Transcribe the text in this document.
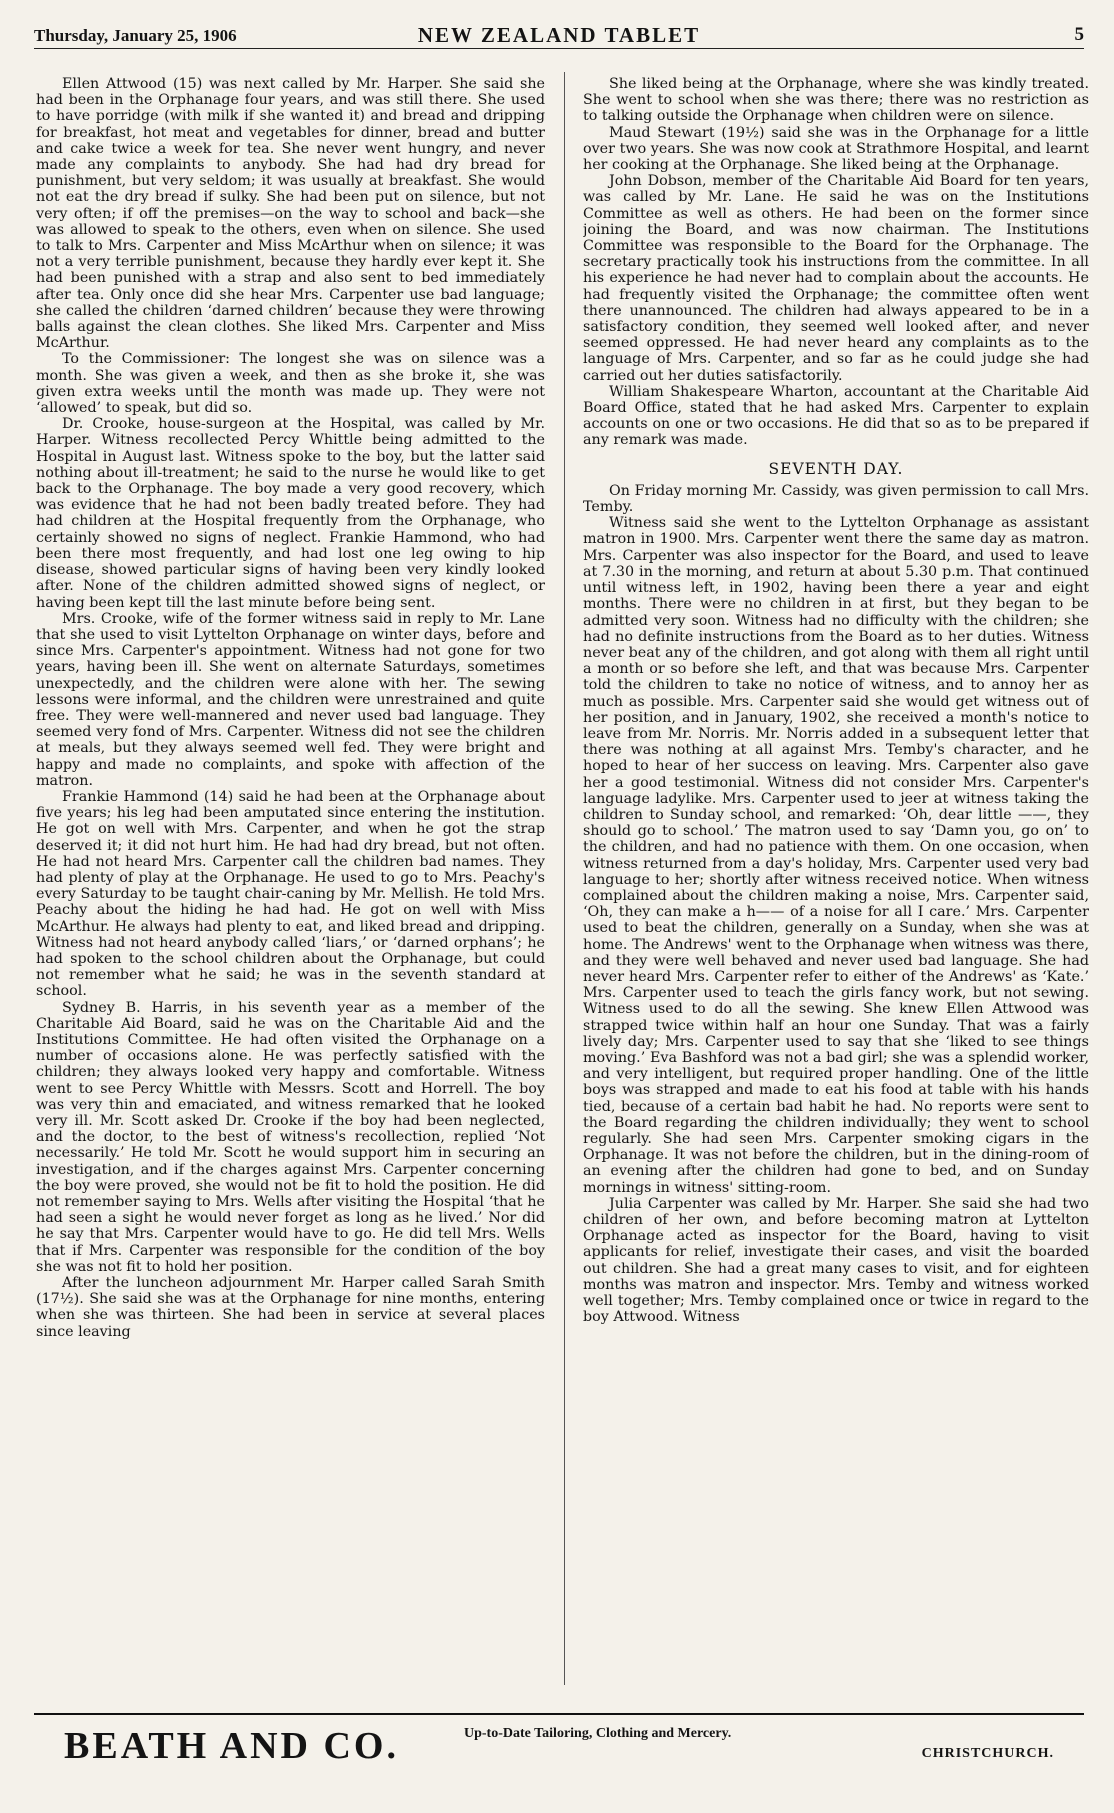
Thursday, January 25, 1906	NEW ZEALAND TABLET	5

Ellen Attwood (15) was next called by Mr. Harper. She said she had been in the Orphanage four years, and was still there. She used to have porridge (with milk if she wanted it) and bread and dripping for breakfast, hot meat and vegetables for dinner, bread and butter and cake twice a week for tea. She never went hungry, and never made any complaints to anybody. She had had dry bread for punishment, but very seldom; it was usually at breakfast. She would not eat the dry bread if sulky. She had been put on silence, but not very often; if off the premises—on the way to school and back—she was allowed to speak to the others, even when on silence. She used to talk to Mrs. Carpenter and Miss McArthur when on silence; it was not a very terrible punishment, because they hardly ever kept it. She had been punished with a strap and also sent to bed immediately after tea. Only once did she hear Mrs. Carpenter use bad language; she called the children ‘darned children’ because they were throwing balls against the clean clothes. She liked Mrs. Carpenter and Miss McArthur.

To the Commissioner: The longest she was on silence was a month. She was given a week, and then as she broke it, she was given extra weeks until the month was made up. They were not ‘allowed’ to speak, but did so.

Dr. Crooke, house-surgeon at the Hospital, was called by Mr. Harper. Witness recollected Percy Whittle being admitted to the Hospital in August last. Witness spoke to the boy, but the latter said nothing about ill-treatment; he said to the nurse he would like to get back to the Orphanage. The boy made a very good recovery, which was evidence that he had not been badly treated before. They had had children at the Hospital frequently from the Orphanage, who certainly showed no signs of neglect. Frankie Hammond, who had been there most frequently, and had lost one leg owing to hip disease, showed particular signs of having been very kindly looked after. None of the children admitted showed signs of neglect, or having been kept till the last minute before being sent.

Mrs. Crooke, wife of the former witness said in reply to Mr. Lane that she used to visit Lyttelton Orphanage on winter days, before and since Mrs. Carpenter's appointment. Witness had not gone for two years, having been ill. She went on alternate Saturdays, sometimes unexpectedly, and the children were alone with her. The sewing lessons were informal, and the children were unrestrained and quite free. They were well-mannered and never used bad language. They seemed very fond of Mrs. Carpenter. Witness did not see the children at meals, but they always seemed well fed. They were bright and happy and made no complaints, and spoke with affection of the matron.

Frankie Hammond (14) said he had been at the Orphanage about five years; his leg had been amputated since entering the institution. He got on well with Mrs. Carpenter, and when he got the strap deserved it; it did not hurt him. He had had dry bread, but not often. He had not heard Mrs. Carpenter call the children bad names. They had plenty of play at the Orphanage. He used to go to Mrs. Peachy's every Saturday to be taught chair-caning by Mr. Mellish. He told Mrs. Peachy about the hiding he had had. He got on well with Miss McArthur. He always had plenty to eat, and liked bread and dripping. Witness had not heard anybody called ‘liars,’ or ‘darned orphans’; he had spoken to the school children about the Orphanage, but could not remember what he said; he was in the seventh standard at school.

Sydney B. Harris, in his seventh year as a member of the Charitable Aid Board, said he was on the Charitable Aid and the Institutions Committee. He had often visited the Orphanage on a number of occasions alone. He was perfectly satisfied with the children; they always looked very happy and comfortable. Witness went to see Percy Whittle with Messrs. Scott and Horrell. The boy was very thin and emaciated, and witness remarked that he looked very ill. Mr. Scott asked Dr. Crooke if the boy had been neglected, and the doctor, to the best of witness's recollection, replied ‘Not necessarily.’ He told Mr. Scott he would support him in securing an investigation, and if the charges against Mrs. Carpenter concerning the boy were proved, she would not be fit to hold the position. He did not remember saying to Mrs. Wells after visiting the Hospital ‘that he had seen a sight he would never forget as long as he lived.’ Nor did he say that Mrs. Carpenter would have to go. He did tell Mrs. Wells that if Mrs. Carpenter was responsible for the condition of the boy she was not fit to hold her position.

After the luncheon adjournment Mr. Harper called Sarah Smith (17½). She said she was at the Orphanage for nine months, entering when she was thirteen. She had been in service at several places since leaving

She liked being at the Orphanage, where she was kindly treated. She went to school when she was there; there was no restriction as to talking outside the Orphanage when children were on silence.

Maud Stewart (19½) said she was in the Orphanage for a little over two years. She was now cook at Strathmore Hospital, and learnt her cooking at the Orphanage. She liked being at the Orphanage.

John Dobson, member of the Charitable Aid Board for ten years, was called by Mr. Lane. He said he was on the Institutions Committee as well as others. He had been on the former since joining the Board, and was now chairman. The Institutions Committee was responsible to the Board for the Orphanage. The secretary practically took his instructions from the committee. In all his experience he had never had to complain about the accounts. He had frequently visited the Orphanage; the committee often went there unannounced. The children had always appeared to be in a satisfactory condition, they seemed well looked after, and never seemed oppressed. He had never heard any complaints as to the language of Mrs. Carpenter, and so far as he could judge she had carried out her duties satisfactorily.

William Shakespeare Wharton, accountant at the Charitable Aid Board Office, stated that he had asked Mrs. Carpenter to explain accounts on one or two occasions. He did that so as to be prepared if any remark was made.

SEVENTH DAY.

On Friday morning Mr. Cassidy, was given permission to call Mrs. Temby.

Witness said she went to the Lyttelton Orphanage as assistant matron in 1900. Mrs. Carpenter went there the same day as matron. Mrs. Carpenter was also inspector for the Board, and used to leave at 7.30 in the morning, and return at about 5.30 p.m. That continued until witness left, in 1902, having been there a year and eight months. There were no children in at first, but they began to be admitted very soon. Witness had no difficulty with the children; she had no definite instructions from the Board as to her duties. Witness never beat any of the children, and got along with them all right until a month or so before she left, and that was because Mrs. Carpenter told the children to take no notice of witness, and to annoy her as much as possible. Mrs. Carpenter said she would get witness out of her position, and in January, 1902, she received a month's notice to leave from Mr. Norris. Mr. Norris added in a subsequent letter that there was nothing at all against Mrs. Temby's character, and he hoped to hear of her success on leaving. Mrs. Carpenter also gave her a good testimonial. Witness did not consider Mrs. Carpenter's language ladylike. Mrs. Carpenter used to jeer at witness taking the children to Sunday school, and remarked: ‘Oh, dear little ——, they should go to school.’ The matron used to say ‘Damn you, go on’ to the children, and had no patience with them. On one occasion, when witness returned from a day's holiday, Mrs. Carpenter used very bad language to her; shortly after witness received notice. When witness complained about the children making a noise, Mrs. Carpenter said, ‘Oh, they can make a h—— of a noise for all I care.’ Mrs. Carpenter used to beat the children, generally on a Sunday, when she was at home. The Andrews' went to the Orphanage when witness was there, and they were well behaved and never used bad language. She had never heard Mrs. Carpenter refer to either of the Andrews' as ‘Kate.’ Mrs. Carpenter used to teach the girls fancy work, but not sewing. Witness used to do all the sewing. She knew Ellen Attwood was strapped twice within half an hour one Sunday. That was a fairly lively day; Mrs. Carpenter used to say that she ‘liked to see things moving.’ Eva Bashford was not a bad girl; she was a splendid worker, and very intelligent, but required proper handling. One of the little boys was strapped and made to eat his food at table with his hands tied, because of a certain bad habit he had. No reports were sent to the Board regarding the children individually; they went to school regularly. She had seen Mrs. Carpenter smoking cigars in the Orphanage. It was not before the children, but in the dining-room of an evening after the children had gone to bed, and on Sunday mornings in witness' sitting-room.

Julia Carpenter was called by Mr. Harper. She said she had two children of her own, and before becoming matron at Lyttelton Orphanage acted as inspector for the Board, having to visit applicants for relief, investigate their cases, and visit the boarded out children. She had a great many cases to visit, and for eighteen months was matron and inspector. Mrs. Temby and witness worked well together; Mrs. Temby complained once or twice in regard to the boy Attwood. Witness

BEATH AND CO.	Up-to-Date Tailoring, Clothing and Mercery.
CHRISTCHURCH.
